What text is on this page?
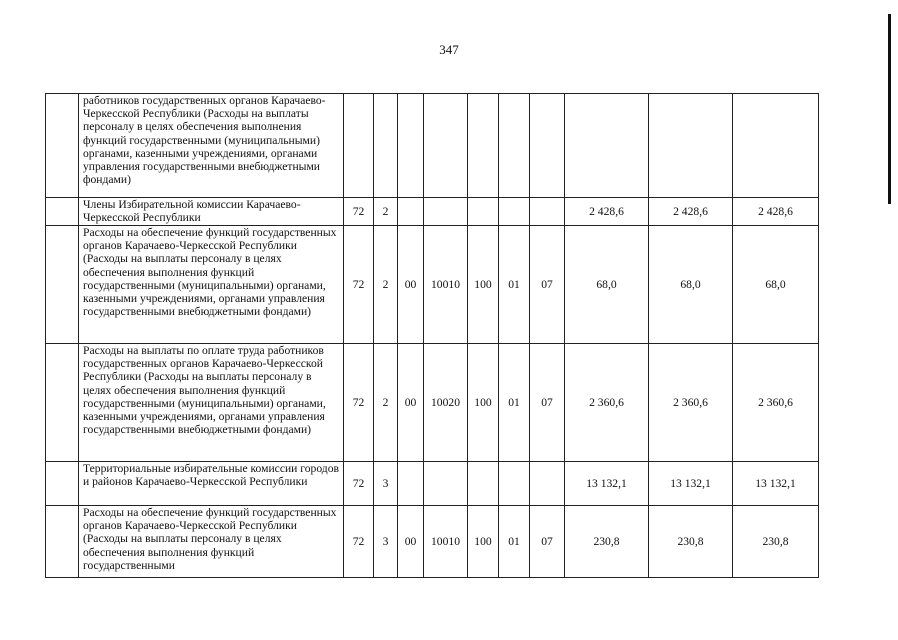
347
	работников государственных органов Карачаево-Черкесской Республики (Расходы на выплаты персоналу в целях обеспечения выполнения функций государственными (муниципальными) органами, казенными учреждениями, органами управления государственными внебюджетными фондами)										
	Члены Избирательной комиссии Карачаево-Черкесской Республики	72	2						2 428,6	2 428,6	2 428,6
	Расходы на обеспечение функций государственных органов Карачаево-Черкесской Республики (Расходы на выплаты персоналу в целях обеспечения выполнения функций государственными (муниципальными) органами, казенными учреждениями, органами управления государственными внебюджетными фондами)	72	2	00	10010	100	01	07	68,0	68,0	68,0
	Расходы на выплаты по оплате труда работников государственных органов Карачаево-Черкесской Республики (Расходы на выплаты персоналу в целях обеспечения выполнения функций государственными (муниципальными) органами, казенными учреждениями, органами управления государственными внебюджетными фондами)	72	2	00	10020	100	01	07	2 360,6	2 360,6	2 360,6
	Территориальные избирательные комиссии городов и районов Карачаево-Черкесской Республики	72	3						13 132,1	13 132,1	13 132,1
	Расходы на обеспечение функций государственных органов Карачаево-Черкесской Республики (Расходы на выплаты персоналу в целях обеспечения выполнения функций государственными	72	3	00	10010	100	01	07	230,8	230,8	230,8
